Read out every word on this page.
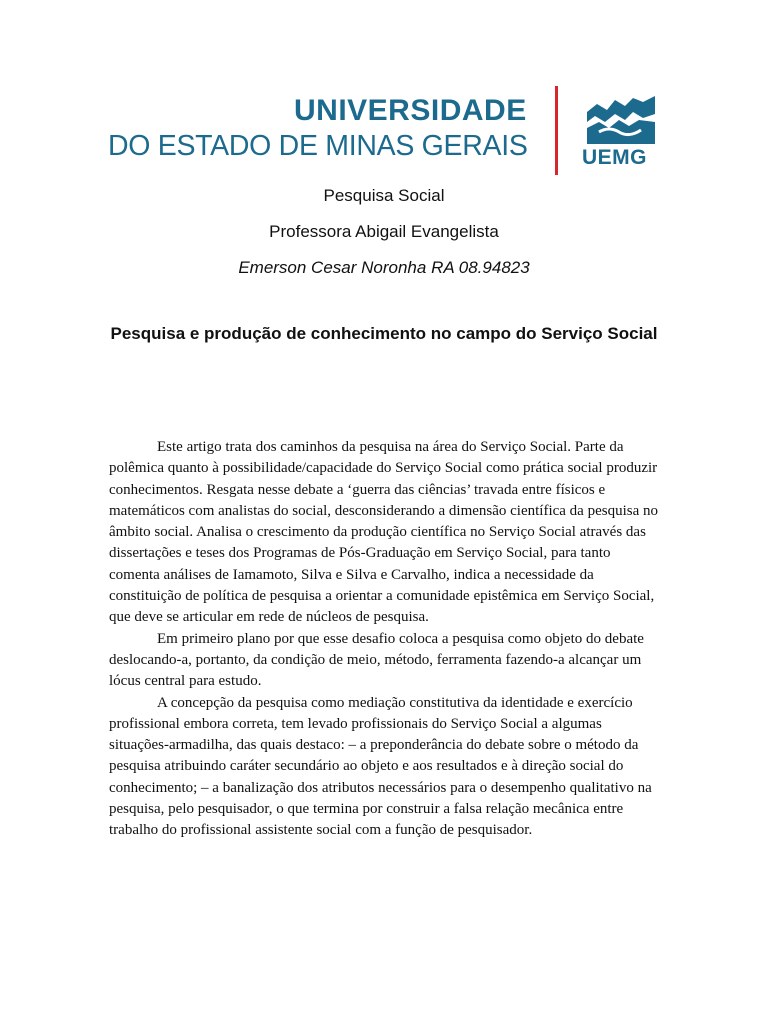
UNIVERSIDADE
DO ESTADO DE MINAS GERAIS	UEMG
Pesquisa Social
Professora Abigail Evangelista
Emerson Cesar Noronha RA 08.94823
Pesquisa e produção de conhecimento no campo do Serviço Social

Este artigo trata dos caminhos da pesquisa na área do Serviço Social. Parte da polêmica quanto à possibilidade/capacidade do Serviço Social como prática social produzir conhecimentos. Resgata nesse debate a ‘guerra das ciências’ travada entre físicos e matemáticos com analistas do social, desconsiderando a dimensão científica da pesquisa no âmbito social. Analisa o crescimento da produção científica no Serviço Social através das dissertações e teses dos Programas de Pós-Graduação em Serviço Social, para tanto comenta análises de Iamamoto, Silva e Silva e Carvalho, indica a necessidade da constituição de política de pesquisa a orientar a comunidade epistêmica em Serviço Social, que deve se articular em rede de núcleos de pesquisa.

Em primeiro plano por que esse desafio coloca a pesquisa como objeto do debate deslocando-a, portanto, da condição de meio, método, ferramenta fazendo-a alcançar um lócus central para estudo.

A concepção da pesquisa como mediação constitutiva da identidade e exercício profissional embora correta, tem levado profissionais do Serviço Social a algumas situações-armadilha, das quais destaco: – a preponderância do debate sobre o método da pesquisa atribuindo caráter secundário ao objeto e aos resultados e à direção social do conhecimento; – a banalização dos atributos necessários para o desempenho qualitativo na pesquisa, pelo pesquisador, o que termina por construir a falsa relação mecânica entre trabalho do profissional assistente social com a função de pesquisador.
